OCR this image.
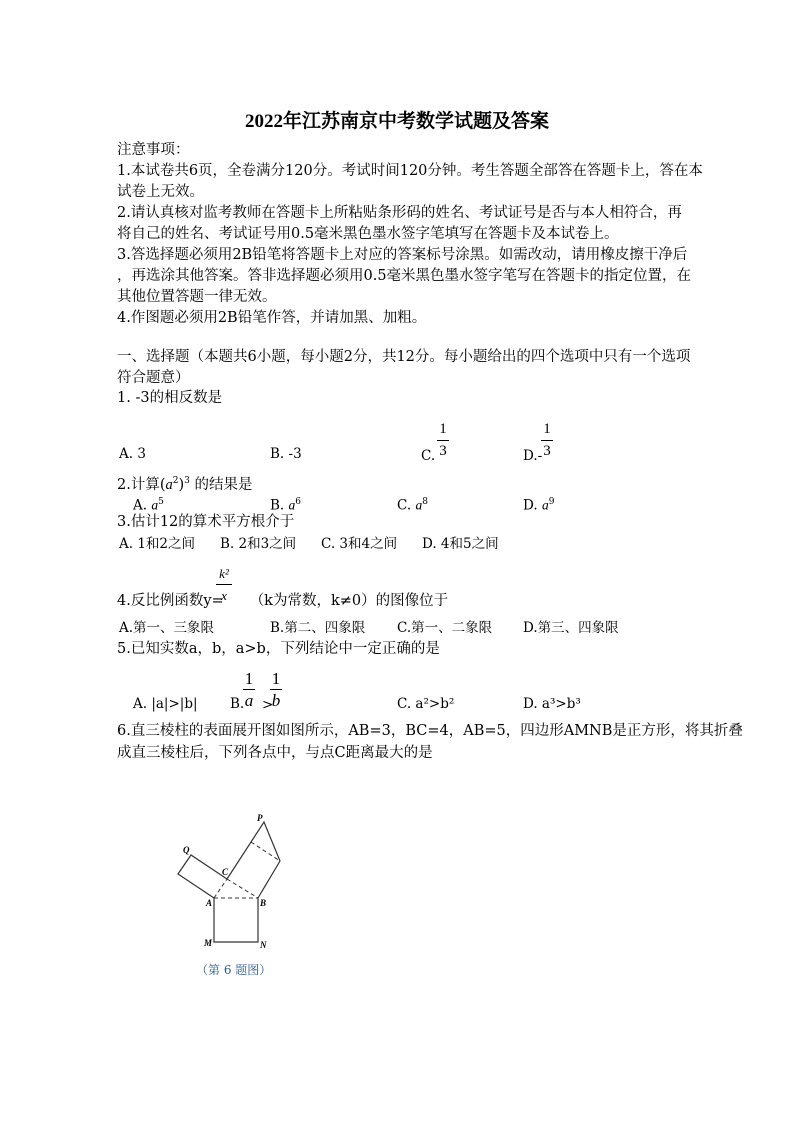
2022年江苏南京中考数学试题及答案
注意事项：
1.本试卷共6页，全卷满分120分。考试时间120分钟。考生答题全部答在答题卡上，答在本
试卷上无效。
2.请认真核对监考教师在答题卡上所粘贴条形码的姓名、考试证号是否与本人相符合，再
将自己的姓名、考试证号用0.5毫米黑色墨水签字笔填写在答题卡及本试卷上。
3.答选择题必须用2B铅笔将答题卡上对应的答案标号涂黑。如需改动，请用橡皮擦干净后
，再选涂其他答案。答非选择题必须用0.5毫米黑色墨水签字笔写在答题卡的指定位置，在
其他位置答题一律无效。
4.作图题必须用2B铅笔作答，并请加黑、加粗。
一、选择题（本题共6小题，每小题2分，共12分。每小题给出的四个选项中只有一个选项
符合题意）
1. -3的相反数是
A. 3	B. -3	C.
1
3	D.-
1
3
2.计算$(a^2)^3$ 的结果是
A. $a^5$	B. $a^6$	C. $a^8$	D. $a^9$
3.估计12的算术平方根介于
A. 1和2之间 B. 2和3之间 C. 3和4之间 D. 4和5之间
4.反比例函数y= （k为常数，k≠0）的图像位于
k²
x
A.第一、三象限	B.第二、四象限 C.第一、二象限 D.第三、四象限
5.已知实数a，b，a>b，下列结论中一定正确的是
A. |a|>|b| B.
1
a >
1
b	C. a²>b²	D. a³>b³
6.直三棱柱的表面展开图如图所示，AB=3，BC=4，AB=5，四边形AMNB是正方形，将其折叠
成直三棱柱后，下列各点中，与点C距离最大的是
P
Q
C
A	B
M	N
（第 6 题图）
